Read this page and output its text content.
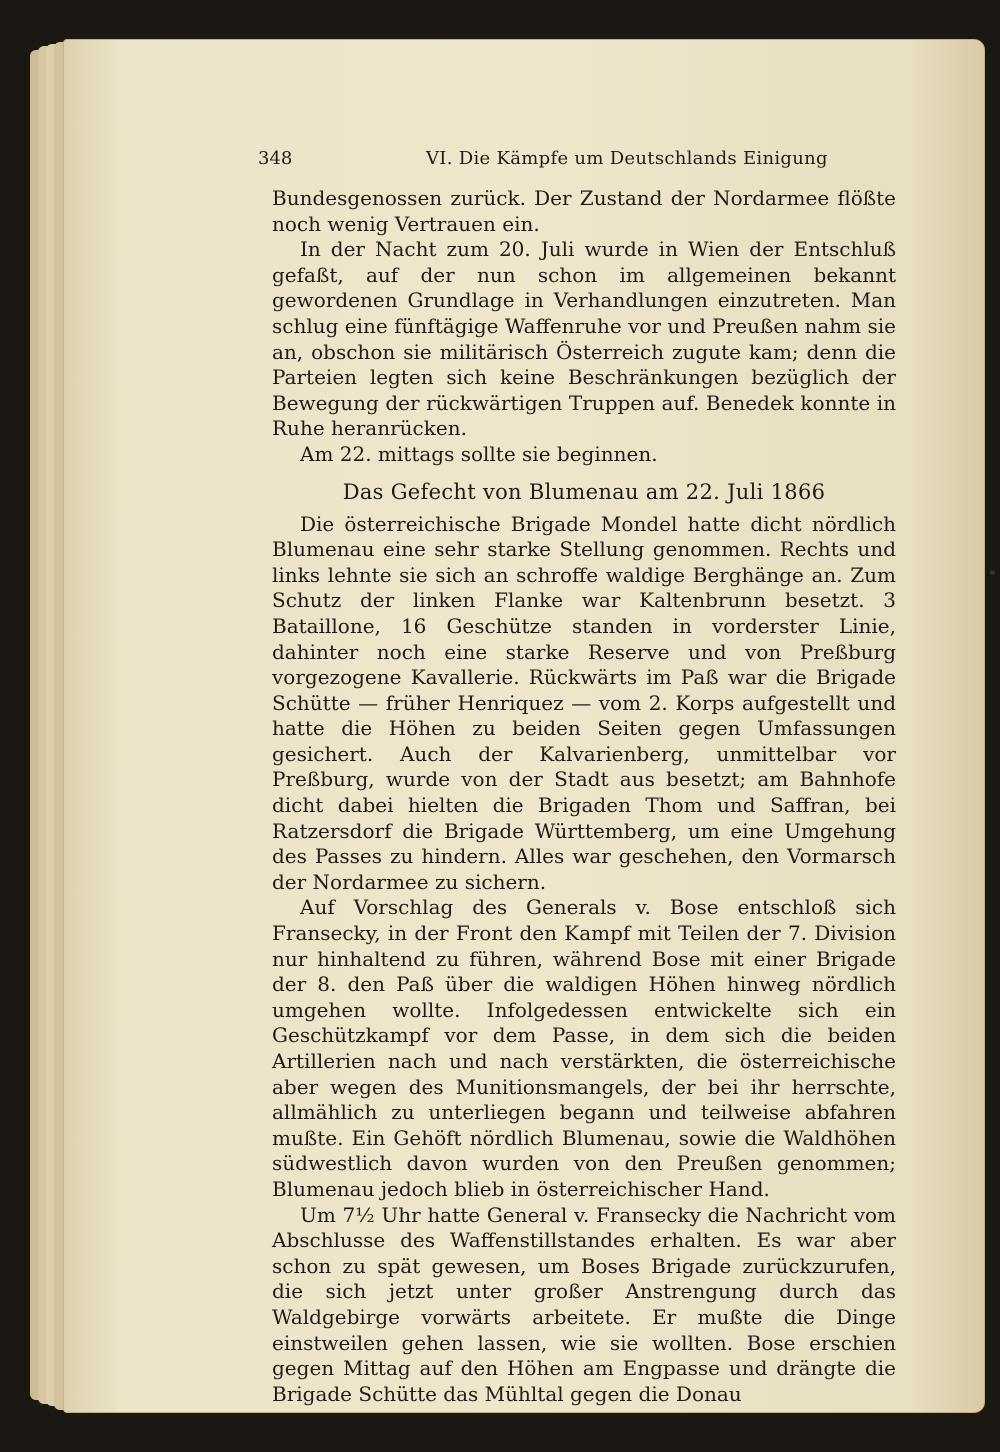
348	VI. Die Kämpfe um Deutschlands Einigung

Bundesgenossen zurück. Der Zustand der Nordarmee flößte noch wenig Vertrauen ein.

In der Nacht zum 20. Juli wurde in Wien der Entschluß gefaßt, auf der nun schon im allgemeinen bekannt gewordenen Grundlage in Verhandlungen einzutreten. Man schlug eine fünftägige Waffenruhe vor und Preußen nahm sie an, obschon sie militärisch Österreich zugute kam; denn die Parteien legten sich keine Beschränkungen bezüglich der Bewegung der rückwärtigen Truppen auf. Benedek konnte in Ruhe heranrücken.

Am 22. mittags sollte sie beginnen.

Das Gefecht von Blumenau am 22. Juli 1866

Die österreichische Brigade Mondel hatte dicht nördlich Blumenau eine sehr starke Stellung genommen. Rechts und links lehnte sie sich an schroffe waldige Berghänge an. Zum Schutz der linken Flanke war Kaltenbrunn besetzt. 3 Bataillone, 16 Geschütze standen in vorderster Linie, dahinter noch eine starke Reserve und von Preßburg vorgezogene Kavallerie. Rückwärts im Paß war die Brigade Schütte — früher Henriquez — vom 2. Korps aufgestellt und hatte die Höhen zu beiden Seiten gegen Umfassungen gesichert. Auch der Kalvarienberg, unmittelbar vor Preßburg, wurde von der Stadt aus besetzt; am Bahnhofe dicht dabei hielten die Brigaden Thom und Saffran, bei Ratzersdorf die Brigade Württemberg, um eine Umgehung des Passes zu hindern. Alles war geschehen, den Vormarsch der Nordarmee zu sichern.

Auf Vorschlag des Generals v. Bose entschloß sich Fransecky, in der Front den Kampf mit Teilen der 7. Division nur hinhaltend zu führen, während Bose mit einer Brigade der 8. den Paß über die waldigen Höhen hinweg nördlich umgehen wollte. Infolgedessen entwickelte sich ein Geschützkampf vor dem Passe, in dem sich die beiden Artillerien nach und nach verstärkten, die österreichische aber wegen des Munitionsmangels, der bei ihr herrschte, allmählich zu unterliegen begann und teilweise abfahren mußte. Ein Gehöft nördlich Blumenau, sowie die Waldhöhen südwestlich davon wurden von den Preußen genommen; Blumenau jedoch blieb in österreichischer Hand.

Um 7½ Uhr hatte General v. Fransecky die Nachricht vom Abschlusse des Waffenstillstandes erhalten. Es war aber schon zu spät gewesen, um Boses Brigade zurückzurufen, die sich jetzt unter großer Anstrengung durch das Waldgebirge vorwärts arbeitete. Er mußte die Dinge einstweilen gehen lassen, wie sie wollten. Bose erschien gegen Mittag auf den Höhen am Engpasse und drängte die Brigade Schütte das Mühltal gegen die Donau
